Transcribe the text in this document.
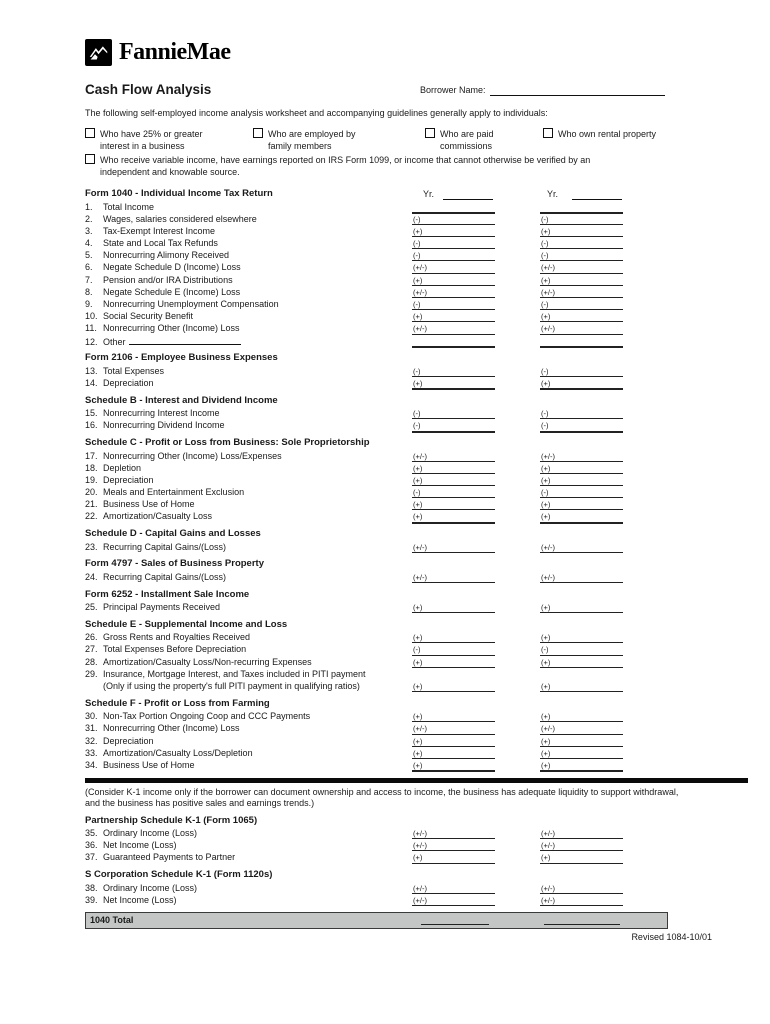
FannieMae
Cash Flow Analysis	Borrower Name:
The following self-employed income analysis worksheet and accompanying guidelines generally apply to individuals:
Who have 25% or greater
interest in a business
Who are employed by
family members
Who are paid
commissions
Who own rental property
Who receive variable income, have earnings reported on IRS Form 1099, or income that cannot otherwise be verified by an
independent and knowable source.
Form 1040 - Individual Income Tax Return	Yr.	Yr.
1. Total Income
2. Wages, salaries considered elsewhere	(-)	(-)
3. Tax-Exempt Interest Income	(+)	(+)
4. State and Local Tax Refunds	(-)	(-)
5. Nonrecurring Alimony Received	(-)	(-)
6. Negate Schedule D (Income) Loss	(+/-)	(+/-)
7. Pension and/or IRA Distributions	(+)	(+)
8. Negate Schedule E (Income) Loss	(+/-)	(+/-)
9. Nonrecurring Unemployment Compensation	(-)	(-)
10. Social Security Benefit	(+)	(+)
11. Nonrecurring Other (Income) Loss	(+/-)	(+/-)
12. Other
Form 2106 - Employee Business Expenses
13. Total Expenses	(-)	(-)
14. Depreciation	(+)	(+)
Schedule B - Interest and Dividend Income
15. Nonrecurring Interest Income	(-)	(-)
16. Nonrecurring Dividend Income	(-)	(-)
Schedule C - Profit or Loss from Business: Sole Proprietorship
17. Nonrecurring Other (Income) Loss/Expenses	(+/-)	(+/-)
18. Depletion	(+)	(+)
19. Depreciation	(+)	(+)
20. Meals and Entertainment Exclusion	(-)	(-)
21. Business Use of Home	(+)	(+)
22. Amortization/Casualty Loss	(+)	(+)
Schedule D - Capital Gains and Losses
23. Recurring Capital Gains/(Loss)	(+/-)	(+/-)
Form 4797 - Sales of Business Property
24. Recurring Capital Gains/(Loss)	(+/-)	(+/-)
Form 6252 - Installment Sale Income
25. Principal Payments Received	(+)	(+)
Schedule E - Supplemental Income and Loss
26. Gross Rents and Royalties Received	(+)	(+)
27. Total Expenses Before Depreciation	(-)	(-)
28. Amortization/Casualty Loss/Non-recurring Expenses	(+)	(+)
29. Insurance, Mortgage Interest, and Taxes included in PITI payment
(Only if using the property's full PITI payment in qualifying ratios)	(+)	(+)
Schedule F - Profit or Loss from Farming
30. Non-Tax Portion Ongoing Coop and CCC Payments	(+)	(+)
31. Nonrecurring Other (Income) Loss	(+/-)	(+/-)
32. Depreciation	(+)	(+)
33. Amortization/Casualty Loss/Depletion	(+)	(+)
34. Business Use of Home	(+)	(+)
(Consider K-1 income only if the borrower can document ownership and access to income, the business has adequate liquidity to support withdrawal,
and the business has positive sales and earnings trends.)
Partnership Schedule K-1 (Form 1065)
35. Ordinary Income (Loss)	(+/-)	(+/-)
36. Net Income (Loss)	(+/-)	(+/-)
37. Guaranteed Payments to Partner	(+)	(+)
S Corporation Schedule K-1 (Form 1120s)
38. Ordinary Income (Loss)	(+/-)	(+/-)
39. Net Income (Loss)	(+/-)	(+/-)
1040 Total
Revised 1084-10/01
